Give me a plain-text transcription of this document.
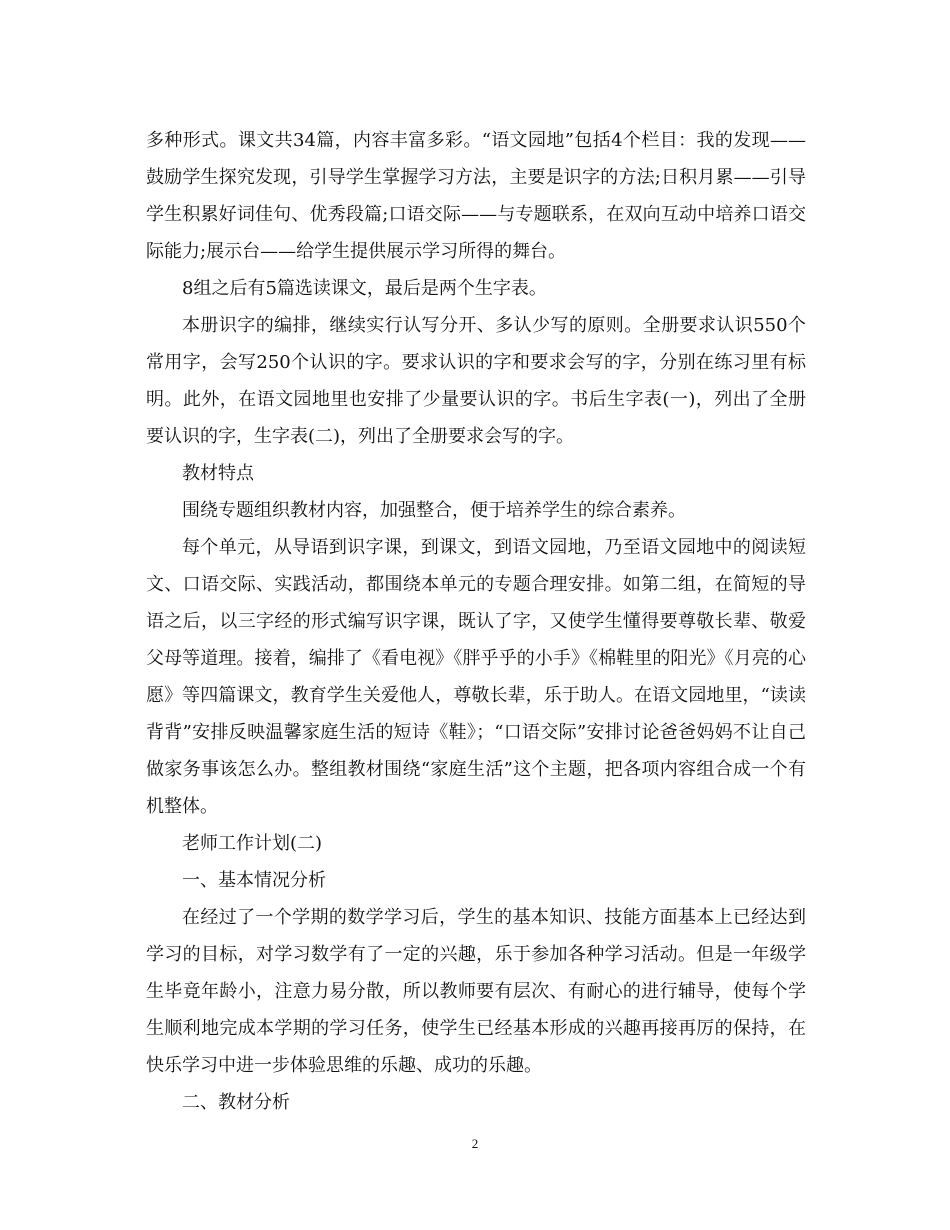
多种形式。课文共34篇，内容丰富多彩。“语文园地”包括4个栏目：我的发现——鼓励学生探究发现，引导学生掌握学习方法，主要是识字的方法;日积月累——引导学生积累好词佳句、优秀段篇;口语交际——与专题联系，在双向互动中培养口语交际能力;展示台——给学生提供展示学习所得的舞台。

8组之后有5篇选读课文，最后是两个生字表。

本册识字的编排，继续实行认写分开、多认少写的原则。全册要求认识550个常用字，会写250个认识的字。要求认识的字和要求会写的字，分别在练习里有标明。此外，在语文园地里也安排了少量要认识的字。书后生字表(一)，列出了全册要认识的字，生字表(二)，列出了全册要求会写的字。

教材特点

围绕专题组织教材内容，加强整合，便于培养学生的综合素养。

每个单元，从导语到识字课，到课文，到语文园地，乃至语文园地中的阅读短文、口语交际、实践活动，都围绕本单元的专题合理安排。如第二组，在简短的导语之后，以三字经的形式编写识字课，既认了字，又使学生懂得要尊敬长辈、敬爱父母等道理。接着，编排了《看电视》《胖乎乎的小手》《棉鞋里的阳光》《月亮的心愿》等四篇课文，教育学生关爱他人，尊敬长辈，乐于助人。在语文园地里，“读读背背”安排反映温馨家庭生活的短诗《鞋》；“口语交际”安排讨论爸爸妈妈不让自己做家务事该怎么办。整组教材围绕“家庭生活”这个主题，把各项内容组合成一个有机整体。

老师工作计划(二)

一、基本情况分析

在经过了一个学期的数学学习后，学生的基本知识、技能方面基本上已经达到学习的目标，对学习数学有了一定的兴趣，乐于参加各种学习活动。但是一年级学生毕竟年龄小，注意力易分散，所以教师要有层次、有耐心的进行辅导，使每个学生顺利地完成本学期的学习任务，使学生已经基本形成的兴趣再接再厉的保持，在快乐学习中进一步体验思维的乐趣、成功的乐趣。

二、教材分析

2
